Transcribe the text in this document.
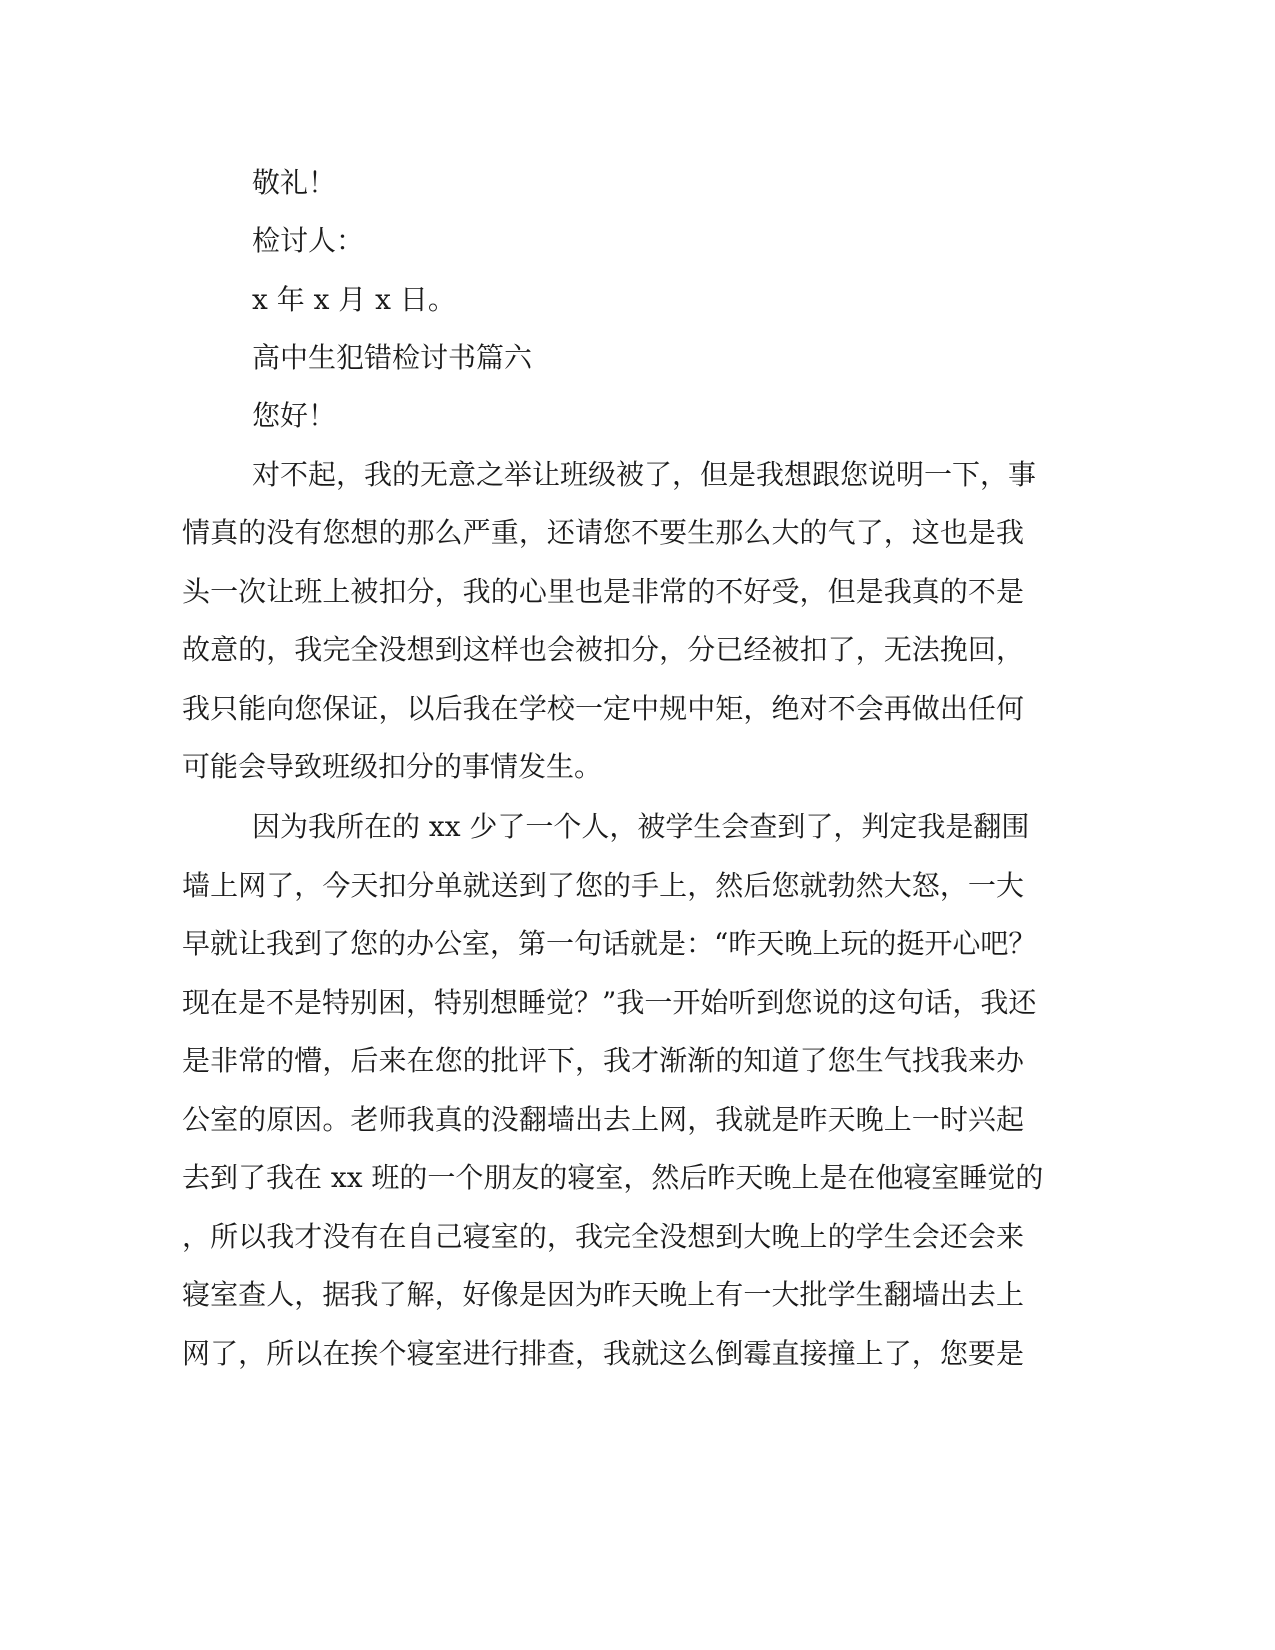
敬礼！
检讨人：
x 年 x 月 x 日。
高中生犯错检讨书篇六
您好！
对不起，我的无意之举让班级被了，但是我想跟您说明一下，事
情真的没有您想的那么严重，还请您不要生那么大的气了，这也是我
头一次让班上被扣分，我的心里也是非常的不好受，但是我真的不是
故意的，我完全没想到这样也会被扣分，分已经被扣了，无法挽回，
我只能向您保证，以后我在学校一定中规中矩，绝对不会再做出任何
可能会导致班级扣分的事情发生。
因为我所在的 xx 少了一个人，被学生会查到了，判定我是翻围
墙上网了，今天扣分单就送到了您的手上，然后您就勃然大怒，一大
早就让我到了您的办公室，第一句话就是：“昨天晚上玩的挺开心吧？
现在是不是特别困，特别想睡觉？”我一开始听到您说的这句话，我还
是非常的懵，后来在您的批评下，我才渐渐的知道了您生气找我来办
公室的原因。老师我真的没翻墙出去上网，我就是昨天晚上一时兴起
去到了我在 xx 班的一个朋友的寝室，然后昨天晚上是在他寝室睡觉的
，所以我才没有在自己寝室的，我完全没想到大晚上的学生会还会来
寝室查人，据我了解，好像是因为昨天晚上有一大批学生翻墙出去上
网了，所以在挨个寝室进行排查，我就这么倒霉直接撞上了，您要是
